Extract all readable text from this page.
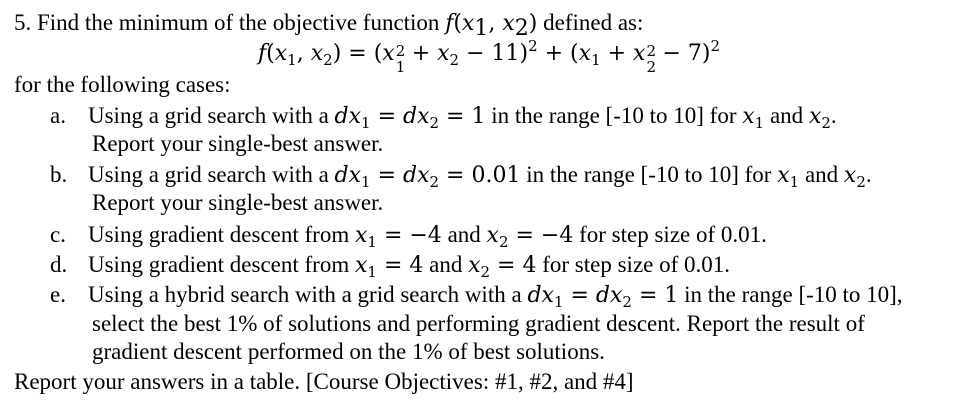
5. Find the minimum of the objective function $f(x_1$, $x_2$) defined as:
$f(x_1$, $x_2) = (x$ 2
1
+ $x_2 - 11)^2 + (x_1 + x$ 2
2
− 7)$^2$
for the following cases:
a. Using a grid search with a $dx_1 = dx_2 = 1$ in the range [-10 to 10] for $x_1$ and $x_2$.
Report your single-best answer.
b. Using a grid search with a $dx_1 = dx_2 = 0.01$ in the range [-10 to 10] for $x_1$ and $x_2$.
Report your single-best answer.
c. Using gradient descent from $x_1 = -4$ and $x_2 = -4$ for step size of 0.01.
d. Using gradient descent from $x_1 = 4$ and $x_2 = 4$ for step size of 0.01.
e. Using a hybrid search with a grid search with a $dx_1 = dx_2 = 1$ in the range [-10 to 10],
select the best 1% of solutions and performing gradient descent. Report the result of
gradient descent performed on the 1% of best solutions.
Report your answers in a table. [Course Objectives: #1, #2, and #4]
